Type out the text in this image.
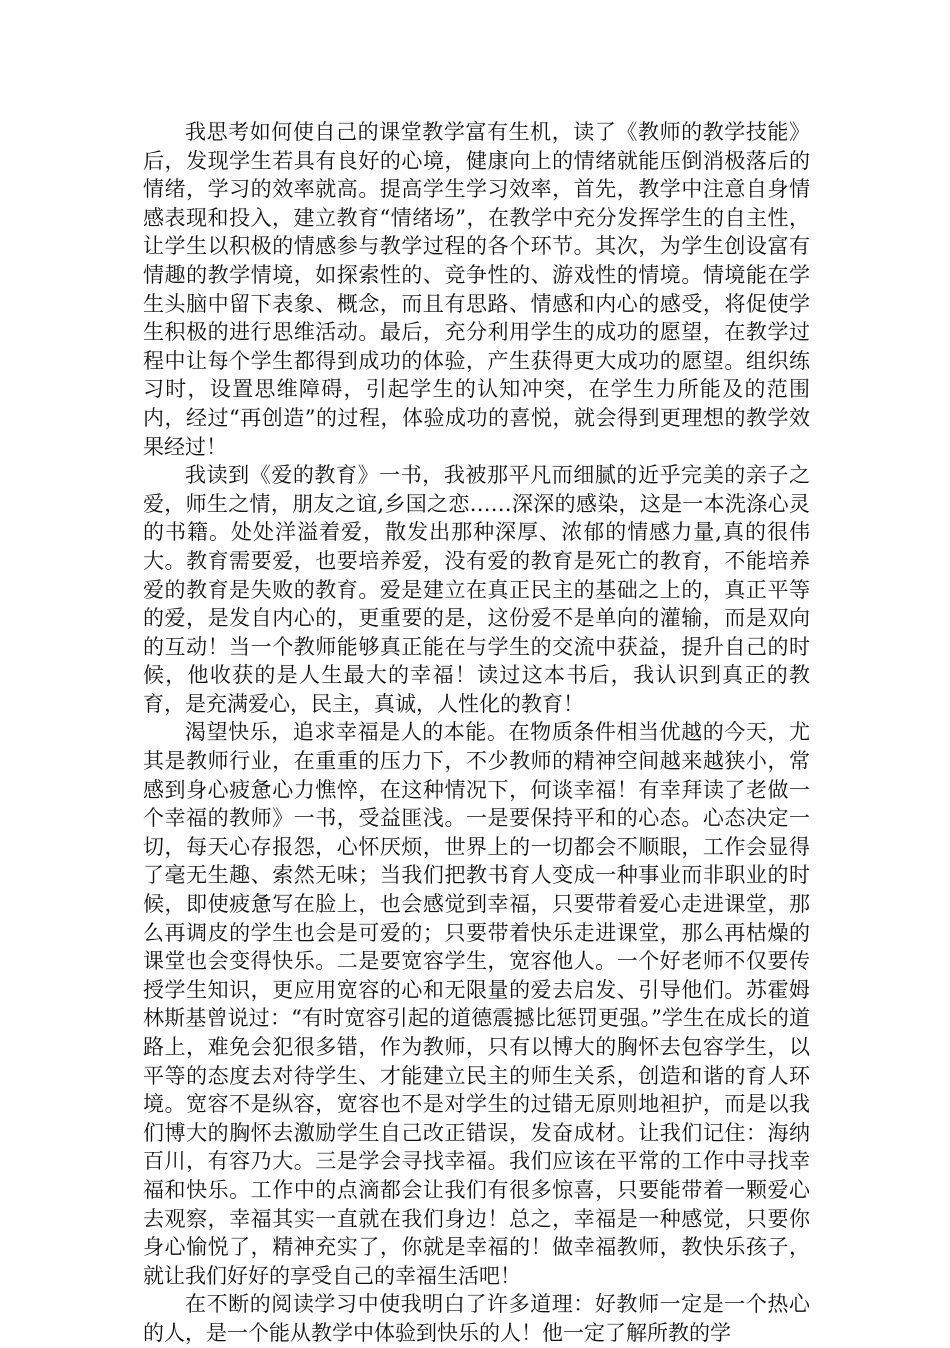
我思考如何使自己的课堂教学富有生机，读了《教师的教学技能》后，发现学生若具有良好的心境，健康向上的情绪就能压倒消极落后的情绪，学习的效率就高。提高学生学习效率，首先，教学中注意自身情感表现和投入，建立教育“情绪场”，在教学中充分发挥学生的自主性，让学生以积极的情感参与教学过程的各个环节。其次，为学生创设富有情趣的教学情境，如探索性的、竞争性的、游戏性的情境。情境能在学生头脑中留下表象、概念，而且有思路、情感和内心的感受，将促使学生积极的进行思维活动。最后，充分利用学生的成功的愿望，在教学过程中让每个学生都得到成功的体验，产生获得更大成功的愿望。组织练习时，设置思维障碍，引起学生的认知冲突，在学生力所能及的范围内，经过“再创造”的过程，体验成功的喜悦，就会得到更理想的教学效果经过！

我读到《爱的教育》一书，我被那平凡而细腻的近乎完美的亲子之爱，师生之情，朋友之谊,乡国之恋……深深的感染，这是一本洗涤心灵的书籍。处处洋溢着爱，散发出那种深厚、浓郁的情感力量,真的很伟大。教育需要爱，也要培养爱，没有爱的教育是死亡的教育，不能培养爱的教育是失败的教育。爱是建立在真正民主的基础之上的，真正平等的爱，是发自内心的，更重要的是，这份爱不是单向的灌输，而是双向的互动！当一个教师能够真正能在与学生的交流中获益，提升自己的时候，他收获的是人生最大的幸福！读过这本书后，我认识到真正的教育，是充满爱心，民主，真诚，人性化的教育！

渴望快乐，追求幸福是人的本能。在物质条件相当优越的今天，尤其是教师行业，在重重的压力下，不少教师的精神空间越来越狭小，常感到身心疲惫心力憔悴，在这种情况下，何谈幸福！有幸拜读了老做一个幸福的教师》一书，受益匪浅。一是要保持平和的心态。心态决定一切，每天心存报怨，心怀厌烦，世界上的一切都会不顺眼，工作会显得了毫无生趣、索然无味；当我们把教书育人变成一种事业而非职业的时候，即使疲惫写在脸上，也会感觉到幸福，只要带着爱心走进课堂，那么再调皮的学生也会是可爱的；只要带着快乐走进课堂，那么再枯燥的课堂也会变得快乐。二是要宽容学生，宽容他人。一个好老师不仅要传授学生知识，更应用宽容的心和无限量的爱去启发、引导他们。苏霍姆林斯基曾说过：“有时宽容引起的道德震撼比惩罚更强。”学生在成长的道路上，难免会犯很多错，作为教师，只有以博大的胸怀去包容学生，以平等的态度去对待学生、才能建立民主的师生关系，创造和谐的育人环境。宽容不是纵容，宽容也不是对学生的过错无原则地袒护，而是以我们博大的胸怀去激励学生自己改正错误，发奋成材。让我们记住：海纳百川，有容乃大。三是学会寻找幸福。我们应该在平常的工作中寻找幸福和快乐。工作中的点滴都会让我们有很多惊喜，只要能带着一颗爱心去观察，幸福其实一直就在我们身边！总之，幸福是一种感觉，只要你身心愉悦了，精神充实了，你就是幸福的！做幸福教师，教快乐孩子，就让我们好好的享受自己的幸福生活吧！

在不断的阅读学习中使我明白了许多道理：好教师一定是一个热心的人，是一个能从教学中体验到快乐的人！他一定了解所教的学
